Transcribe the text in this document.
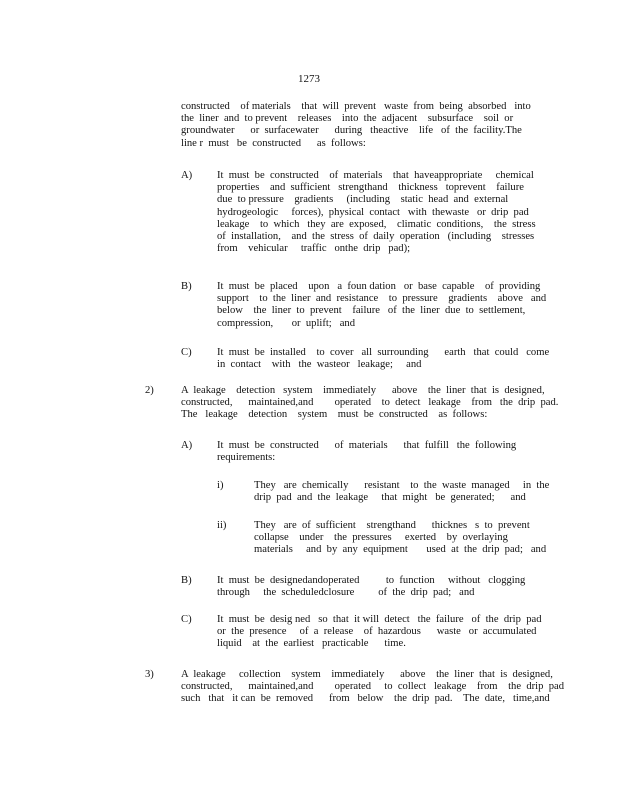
1273
constructed    of materials    that  will  prevent   waste  from  being  absorbed   into
the  liner  and  to prevent    releases    into  the  adjacent    subsurface    soil  or
groundwater      or  surfacewater      during   theactive    life   of  the  facility.The
line r  must   be  constructed      as  follows:
A) It  must  be  constructed    of  materials    that  haveappropriate     chemical
properties    and  sufficient   strengthand    thickness   toprevent    failure
due  to pressure    gradients     (including    static  head  and  external
hydrogeologic     forces),  physical  contact   with  thewaste   or  drip  pad
leakage    to  which   they  are  exposed,    climatic  conditions,    the  stress
of  installation,    and  the  stress  of  daily  operation   (including    stresses
from    vehicular     traffic   onthe  drip   pad);
B) It  must  be  placed    upon   a  foun dation   or  base  capable    of  providing
support    to  the  liner  and  resistance    to  pressure    gradients    above   and
below    the  liner  to  prevent    failure   of  the  liner  due  to  settlement,
compression,       or  uplift;   and
C) It  must  be  installed    to  cover   all  surrounding      earth   that  could   come
in  contact    with   the  wasteor   leakage;     and
2)	A  leakage    detection   system    immediately      above    the  liner  that  is  designed,
constructed,      maintained,and        operated    to  detect   leakage    from   the  drip  pad.
The   leakage    detection    system    must  be  constructed    as  follows:
A) It  must  be  constructed      of  materials      that  fulfill   the  following
requirements:
i)	They   are  chemically      resistant    to  the  waste  managed     in  the
drip  pad  and  the  leakage     that  might   be  generated;      and
ii)	They   are  of  sufficient    strengthand      thicknes   s  to  prevent
collapse    under    the  pressures     exerted    by  overlaying
materials     and  by  any  equipment       used  at  the  drip  pad;   and
B) It  must  be  designedandoperated          to  function     without   clogging
through     the  scheduledclosure         of  the  drip  pad;   and
C) It  must  be  desig ned   so  that  it will  detect   the  failure   of  the  drip  pad
or  the  presence     of  a  release    of  hazardous      waste   or  accumulated
liquid    at  the  earliest   practicable      time.
3)	A  leakage     collection    system    immediately      above    the  liner  that  is  designed,
constructed,      maintained,and        operated     to  collect   leakage    from    the  drip  pad
such   that   it can  be  removed      from   below    the  drip  pad.    The  date,   time,and
